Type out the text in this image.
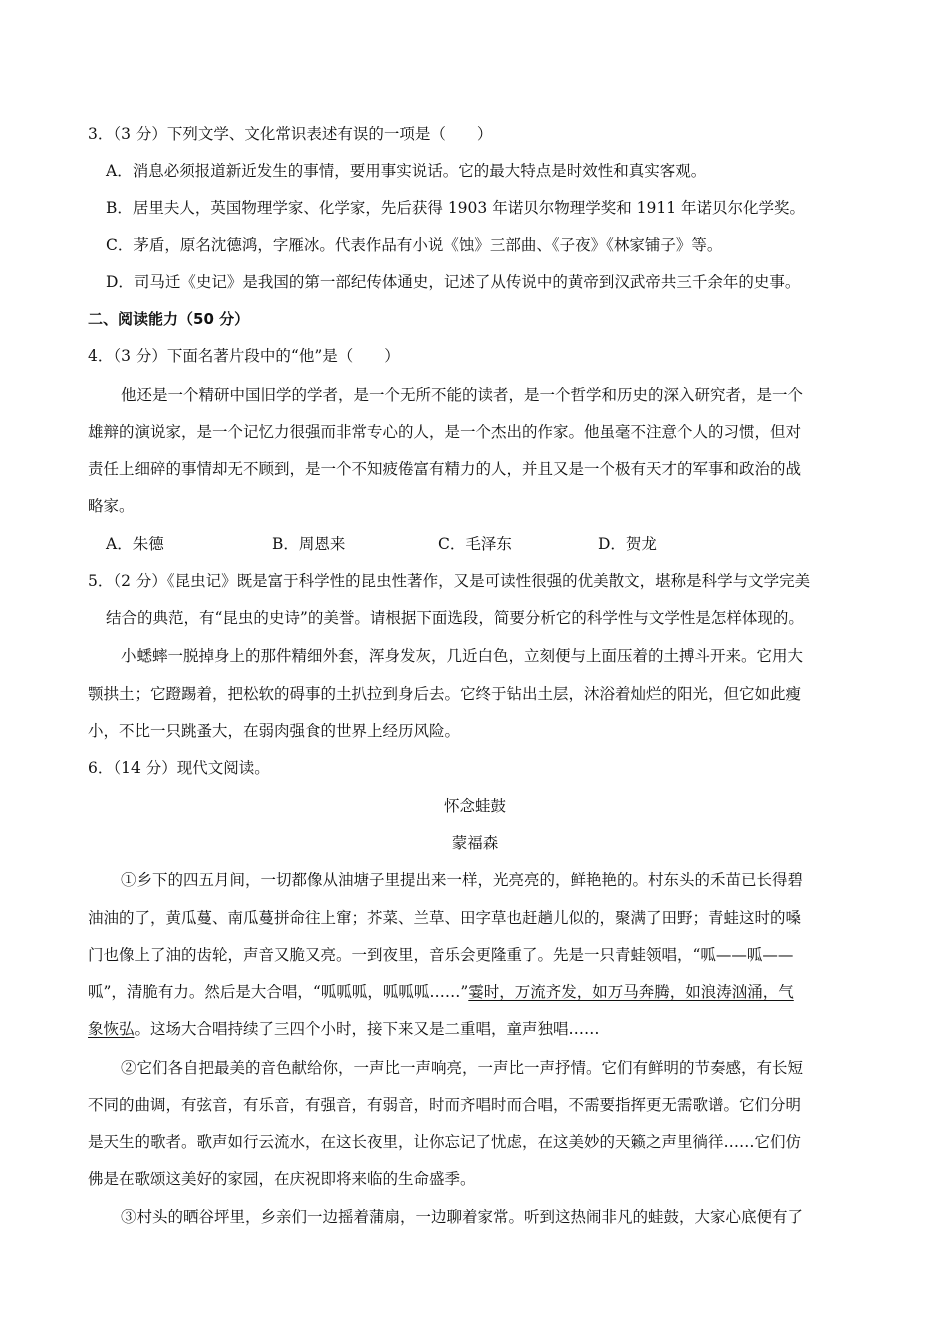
3．（3 分）下列文学、文化常识表述有误的一项是（　　）
A．消息必须报道新近发生的事情，要用事实说话。它的最大特点是时效性和真实客观。
B．居里夫人，英国物理学家、化学家，先后获得 1903 年诺贝尔物理学奖和 1911 年诺贝尔化学奖。
C．茅盾，原名沈德鸿，字雁冰。代表作品有小说《蚀》三部曲、《子夜》《林家铺子》等。
D．司马迁《史记》是我国的第一部纪传体通史，记述了从传说中的黄帝到汉武帝共三千余年的史事。
二、阅读能力（50 分）
4．（3 分）下面名著片段中的“他”是（　　）
他还是一个精研中国旧学的学者，是一个无所不能的读者，是一个哲学和历史的深入研究者，是一个
雄辩的演说家，是一个记忆力很强而非常专心的人，是一个杰出的作家。他虽毫不注意个人的习惯，但对
责任上细碎的事情却无不顾到，是一个不知疲倦富有精力的人，并且又是一个极有天才的军事和政治的战
略家。
A．朱德	B．周恩来	C．毛泽东	D．贺龙
5．（2 分）《昆虫记》既是富于科学性的昆虫性著作，又是可读性很强的优美散文，堪称是科学与文学完美
结合的典范，有“昆虫的史诗”的美誉。请根据下面选段，简要分析它的科学性与文学性是怎样体现的。
小蟋蟀一脱掉身上的那件精细外套，浑身发灰，几近白色，立刻便与上面压着的土搏斗开来。它用大
颚拱土；它蹬踢着，把松软的碍事的土扒拉到身后去。它终于钻出土层，沐浴着灿烂的阳光，但它如此瘦
小，不比一只跳蚤大，在弱肉强食的世界上经历风险。
6．（14 分）现代文阅读。
怀念蛙鼓
蒙福森
①乡下的四五月间，一切都像从油塘子里提出来一样，光亮亮的，鲜艳艳的。村东头的禾苗已长得碧
油油的了，黄瓜蔓、南瓜蔓拼命往上窜；芥菜、兰草、田字草也赶趟儿似的，聚满了田野；青蛙这时的嗓
门也像上了油的齿轮，声音又脆又亮。一到夜里，音乐会更隆重了。先是一只青蛙领唱，“呱——呱——
呱”，清脆有力。然后是大合唱，“呱呱呱，呱呱呱……”霎时，万流齐发，如万马奔腾，如浪涛汹涌，气
象恢弘。这场大合唱持续了三四个小时，接下来又是二重唱，童声独唱……
②它们各自把最美的音色献给你，一声比一声响亮，一声比一声抒情。它们有鲜明的节奏感，有长短
不同的曲调，有弦音，有乐音，有强音，有弱音，时而齐唱时而合唱，不需要指挥更无需歌谱。它们分明
是天生的歌者。歌声如行云流水，在这长夜里，让你忘记了忧虑，在这美妙的天籁之声里徜徉……它们仿
佛是在歌颂这美好的家园，在庆祝即将来临的生命盛季。
③村头的晒谷坪里，乡亲们一边摇着蒲扇，一边聊着家常。听到这热闹非凡的蛙鼓，大家心底便有了
